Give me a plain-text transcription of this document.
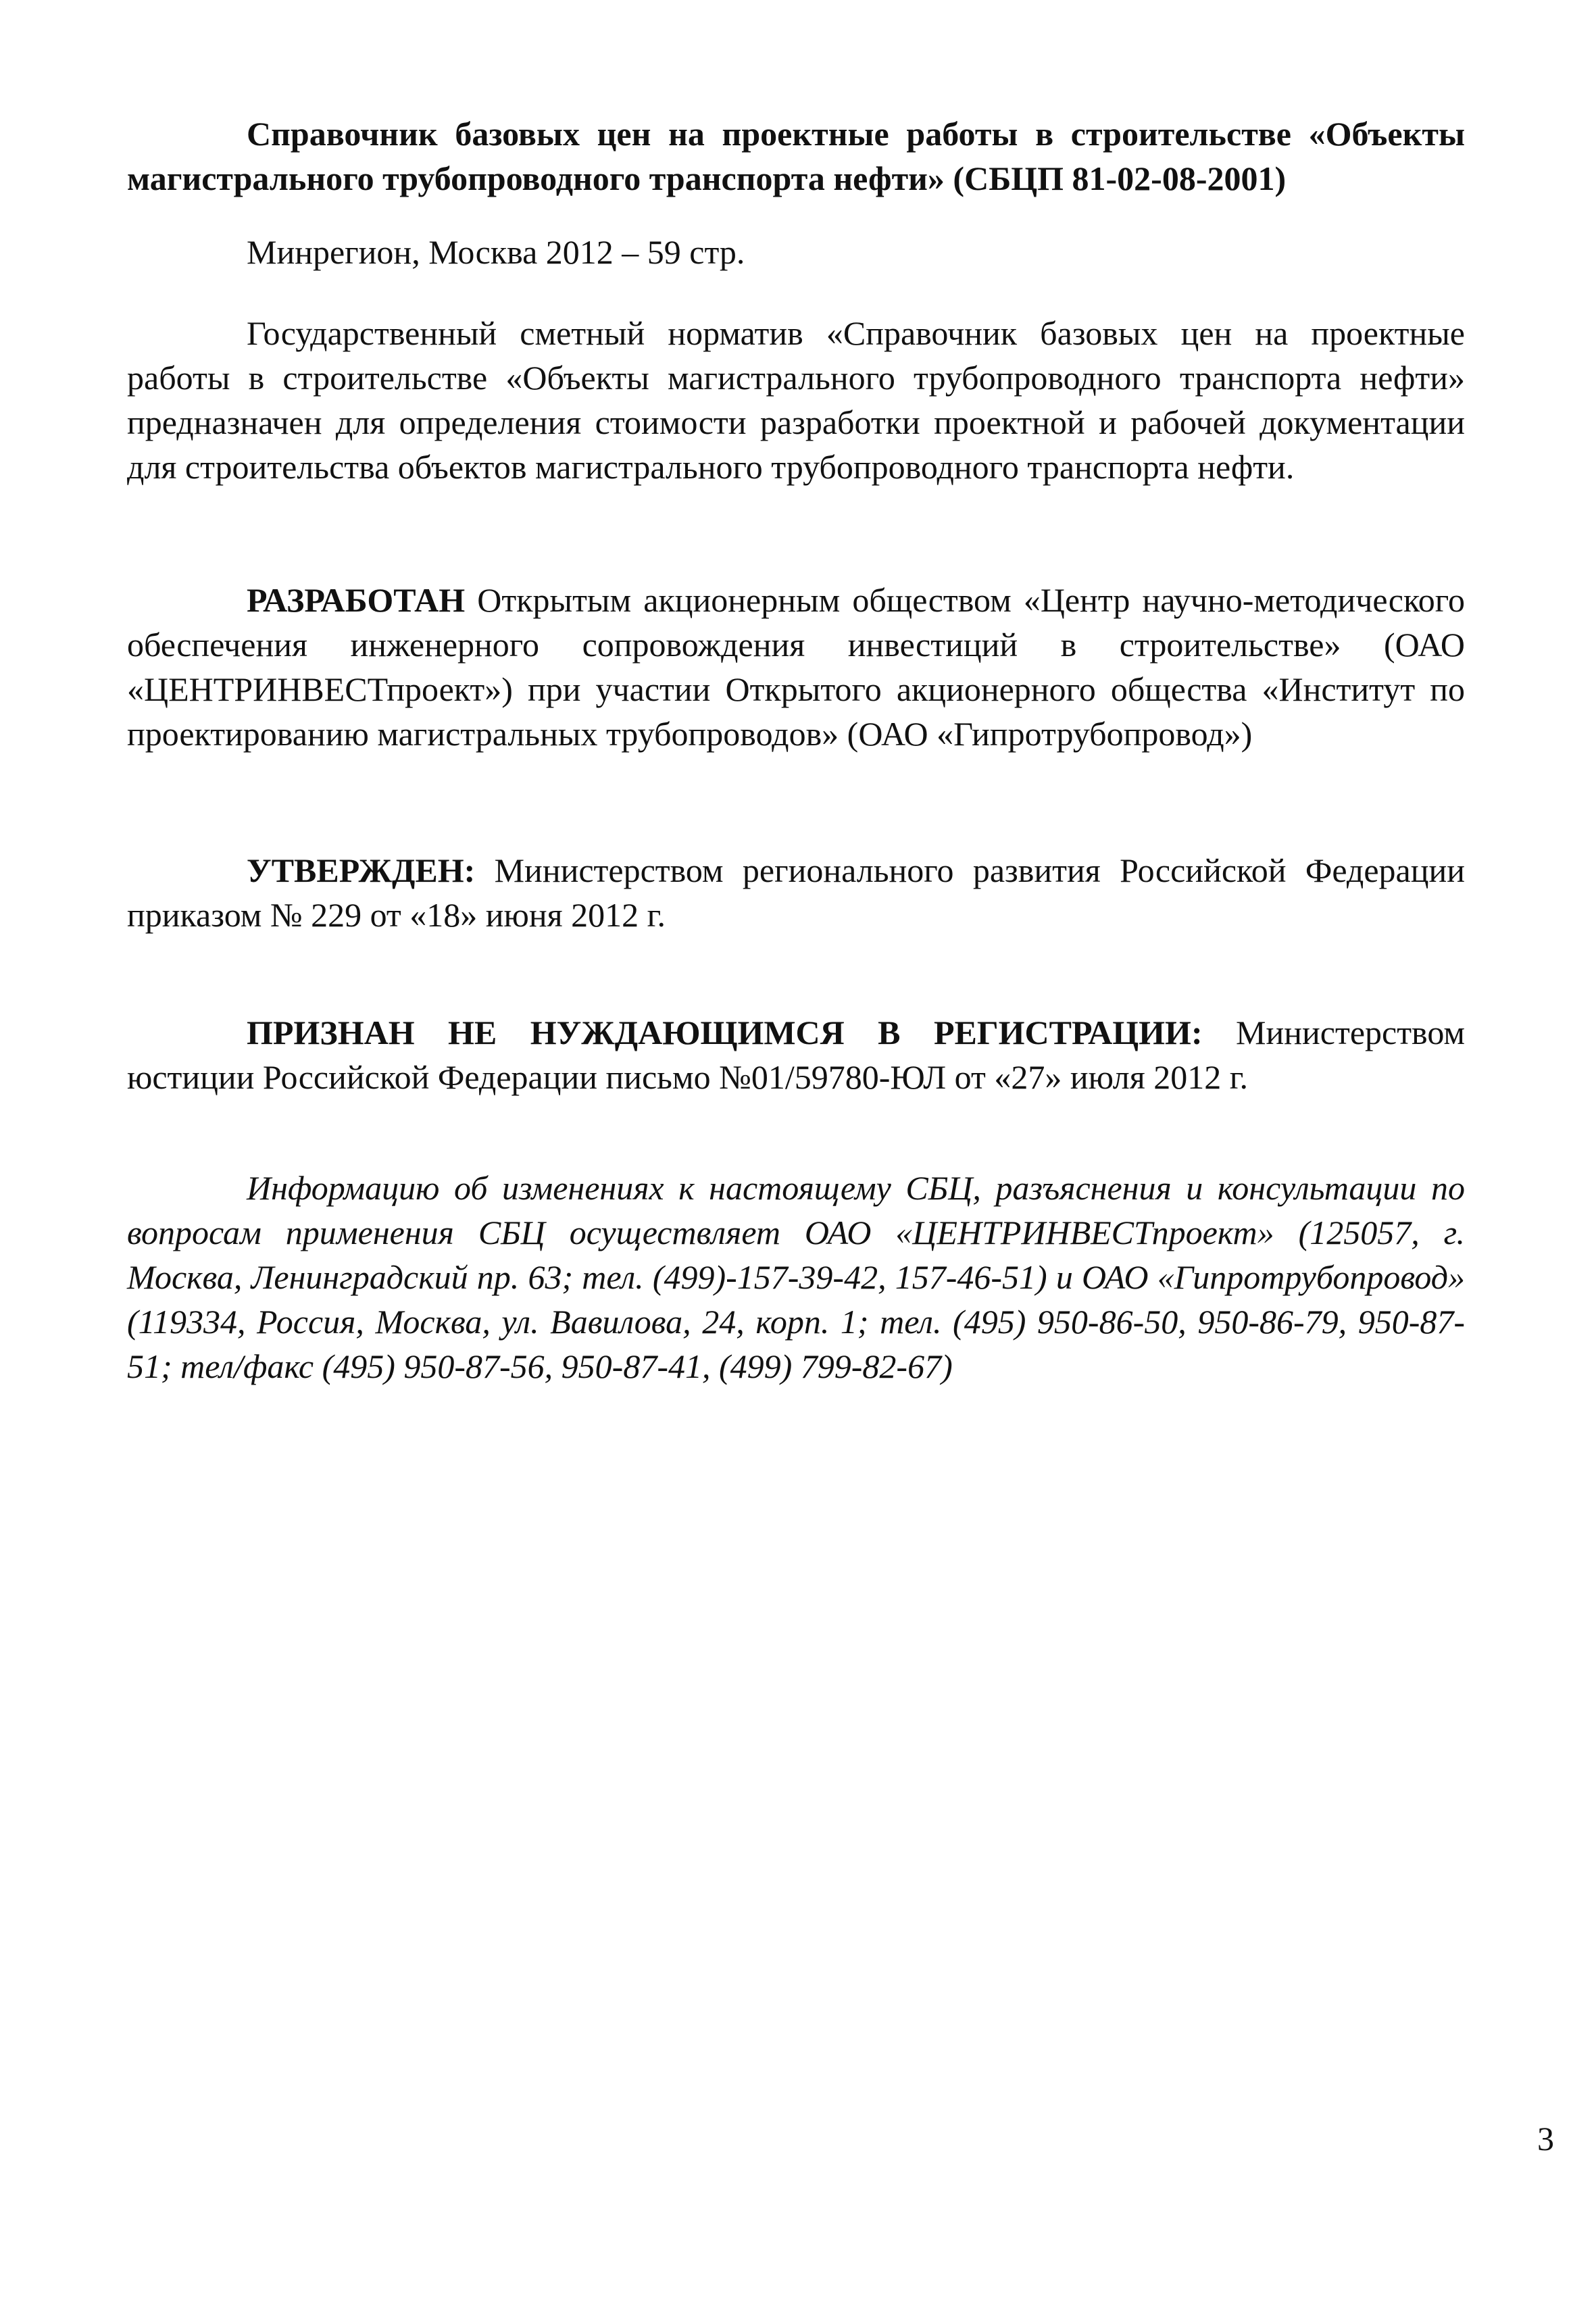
Справочник базовых цен на проектные работы в строительстве «Объекты магистрального трубопроводного транспорта нефти» (СБЦП 81-02-08-2001)

Минрегион, Москва 2012 – 59 стр.

Государственный сметный норматив «Справочник базовых цен на проектные работы в строительстве «Объекты магистрального трубопроводного транспорта нефти» предназначен для определения стоимости разработки проектной и рабочей документации для строительства объектов магистрального трубопроводного транспорта нефти.

РАЗРАБОТАН Открытым акционерным обществом «Центр научно-методического обеспечения инженерного сопровождения инвестиций в строительстве» (ОАО «ЦЕНТРИНВЕСТпроект») при участии Открытого акционерного общества «Институт по проектированию магистральных трубопроводов» (ОАО «Гипротрубопровод»)

УТВЕРЖДЕН: Министерством регионального развития Российской Федерации приказом № 229 от «18» июня 2012 г.

ПРИЗНАН НЕ НУЖДАЮЩИМСЯ В РЕГИСТРАЦИИ: Министерством юстиции Российской Федерации письмо №01/59780-ЮЛ от «27» июля 2012 г.

Информацию об изменениях к настоящему СБЦ, разъяснения и консультации по вопросам применения СБЦ осуществляет ОАО «ЦЕНТРИНВЕСТпроект» (125057, г. Москва, Ленинградский пр. 63; тел. (499)-157-39-42, 157-46-51) и ОАО «Гипротрубопровод» (119334, Россия, Москва, ул. Вавилова, 24, корп. 1; тел. (495) 950-86-50, 950-86-79, 950-87-51; тел/факс (495) 950-87-56, 950-87-41, (499) 799-82-67)

3
